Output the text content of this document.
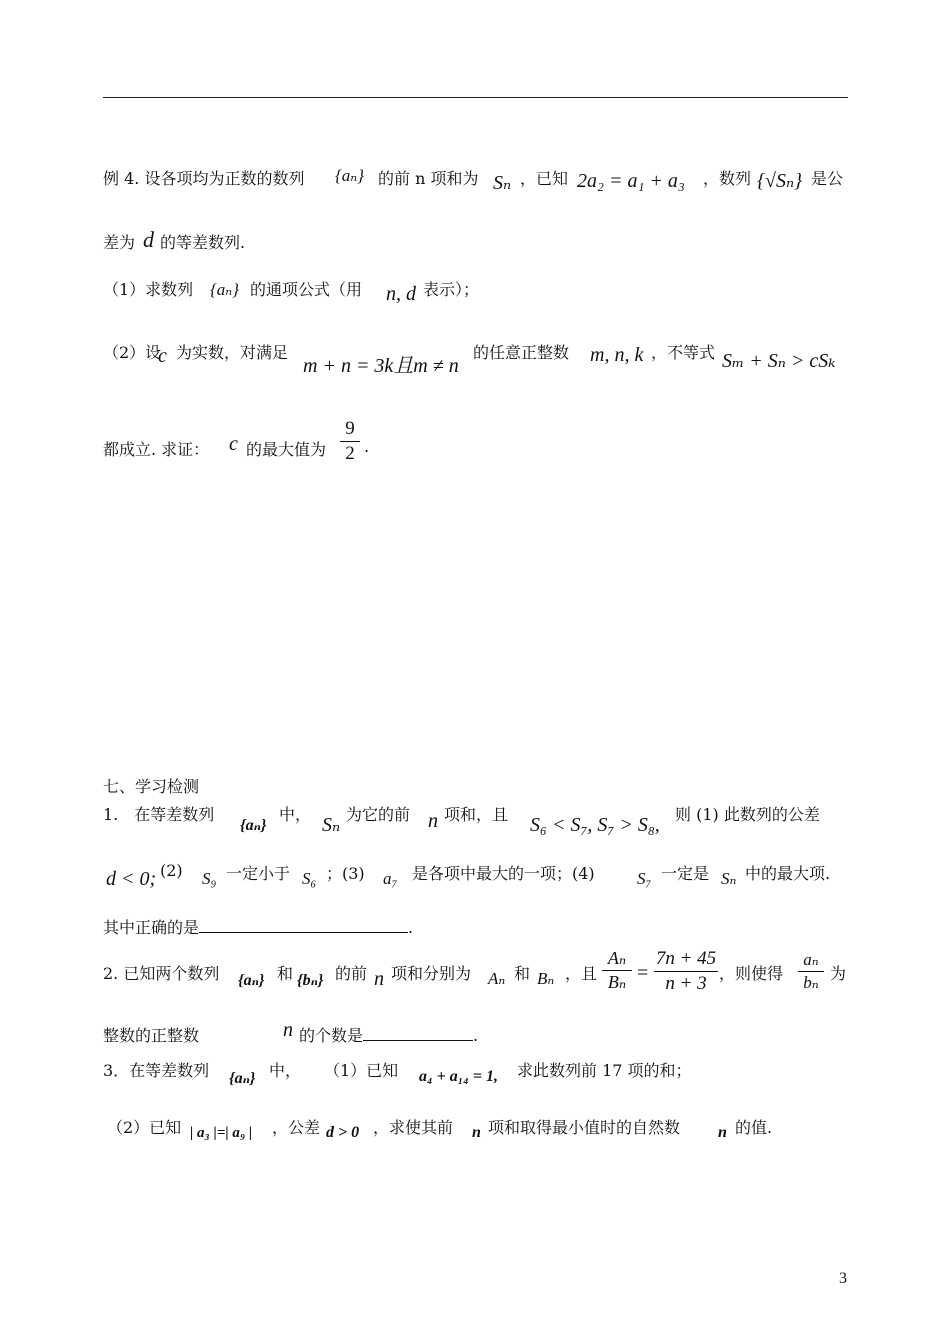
例 4. 设各项均为正数的数列 {aₙ} 的前 n 项和为 Sₙ ，已知 2a₂ = a₁ + a₃ ，数列 {√Sₙ} 是公
差为 d 的等差数列.
（1）求数列 {aₙ} 的通项公式（用 n, d 表示）；
（2）设
c 为实数，对满足
m + n = 3k且m ≠ n
的任意正整数 m, n, k ，不等式 Sₘ + Sₙ > cSₖ
都成立. 求证： c 的最大值为
9
2 .
七、学习检测
1.　在等差数列
{aₙ}
中， Sₙ 为它的前 n 项和，且 S₆ < S₇, S₇ > S₈, 则 (1) 此数列的公差
d < 0; (2) S₉ 一定小于 S₆ ；(3) a₇ 是各项中最大的一项；(4) S₇ 一定是 Sₙ 中的最大项.
其中正确的是	.
2. 已知两个数列 {aₙ} 和 {bₙ} 的前 n 项和分别为 Aₙ 和 Bₙ ，且
Aₙ
Bₙ =
7n + 45
n + 3 ，则使得
aₙ
bₙ 为
整数的正整数	n 的个数是	.
3．在等差数列 {aₙ} 中， （1）已知 a₄ + a₁₄ = 1, 求此数列前 17 项的和；
（2）已知 | a₃ |=| a₉ | ，公差 d > 0 ，求使其前 n 项和取得最小值时的自然数 n 的值.
3
